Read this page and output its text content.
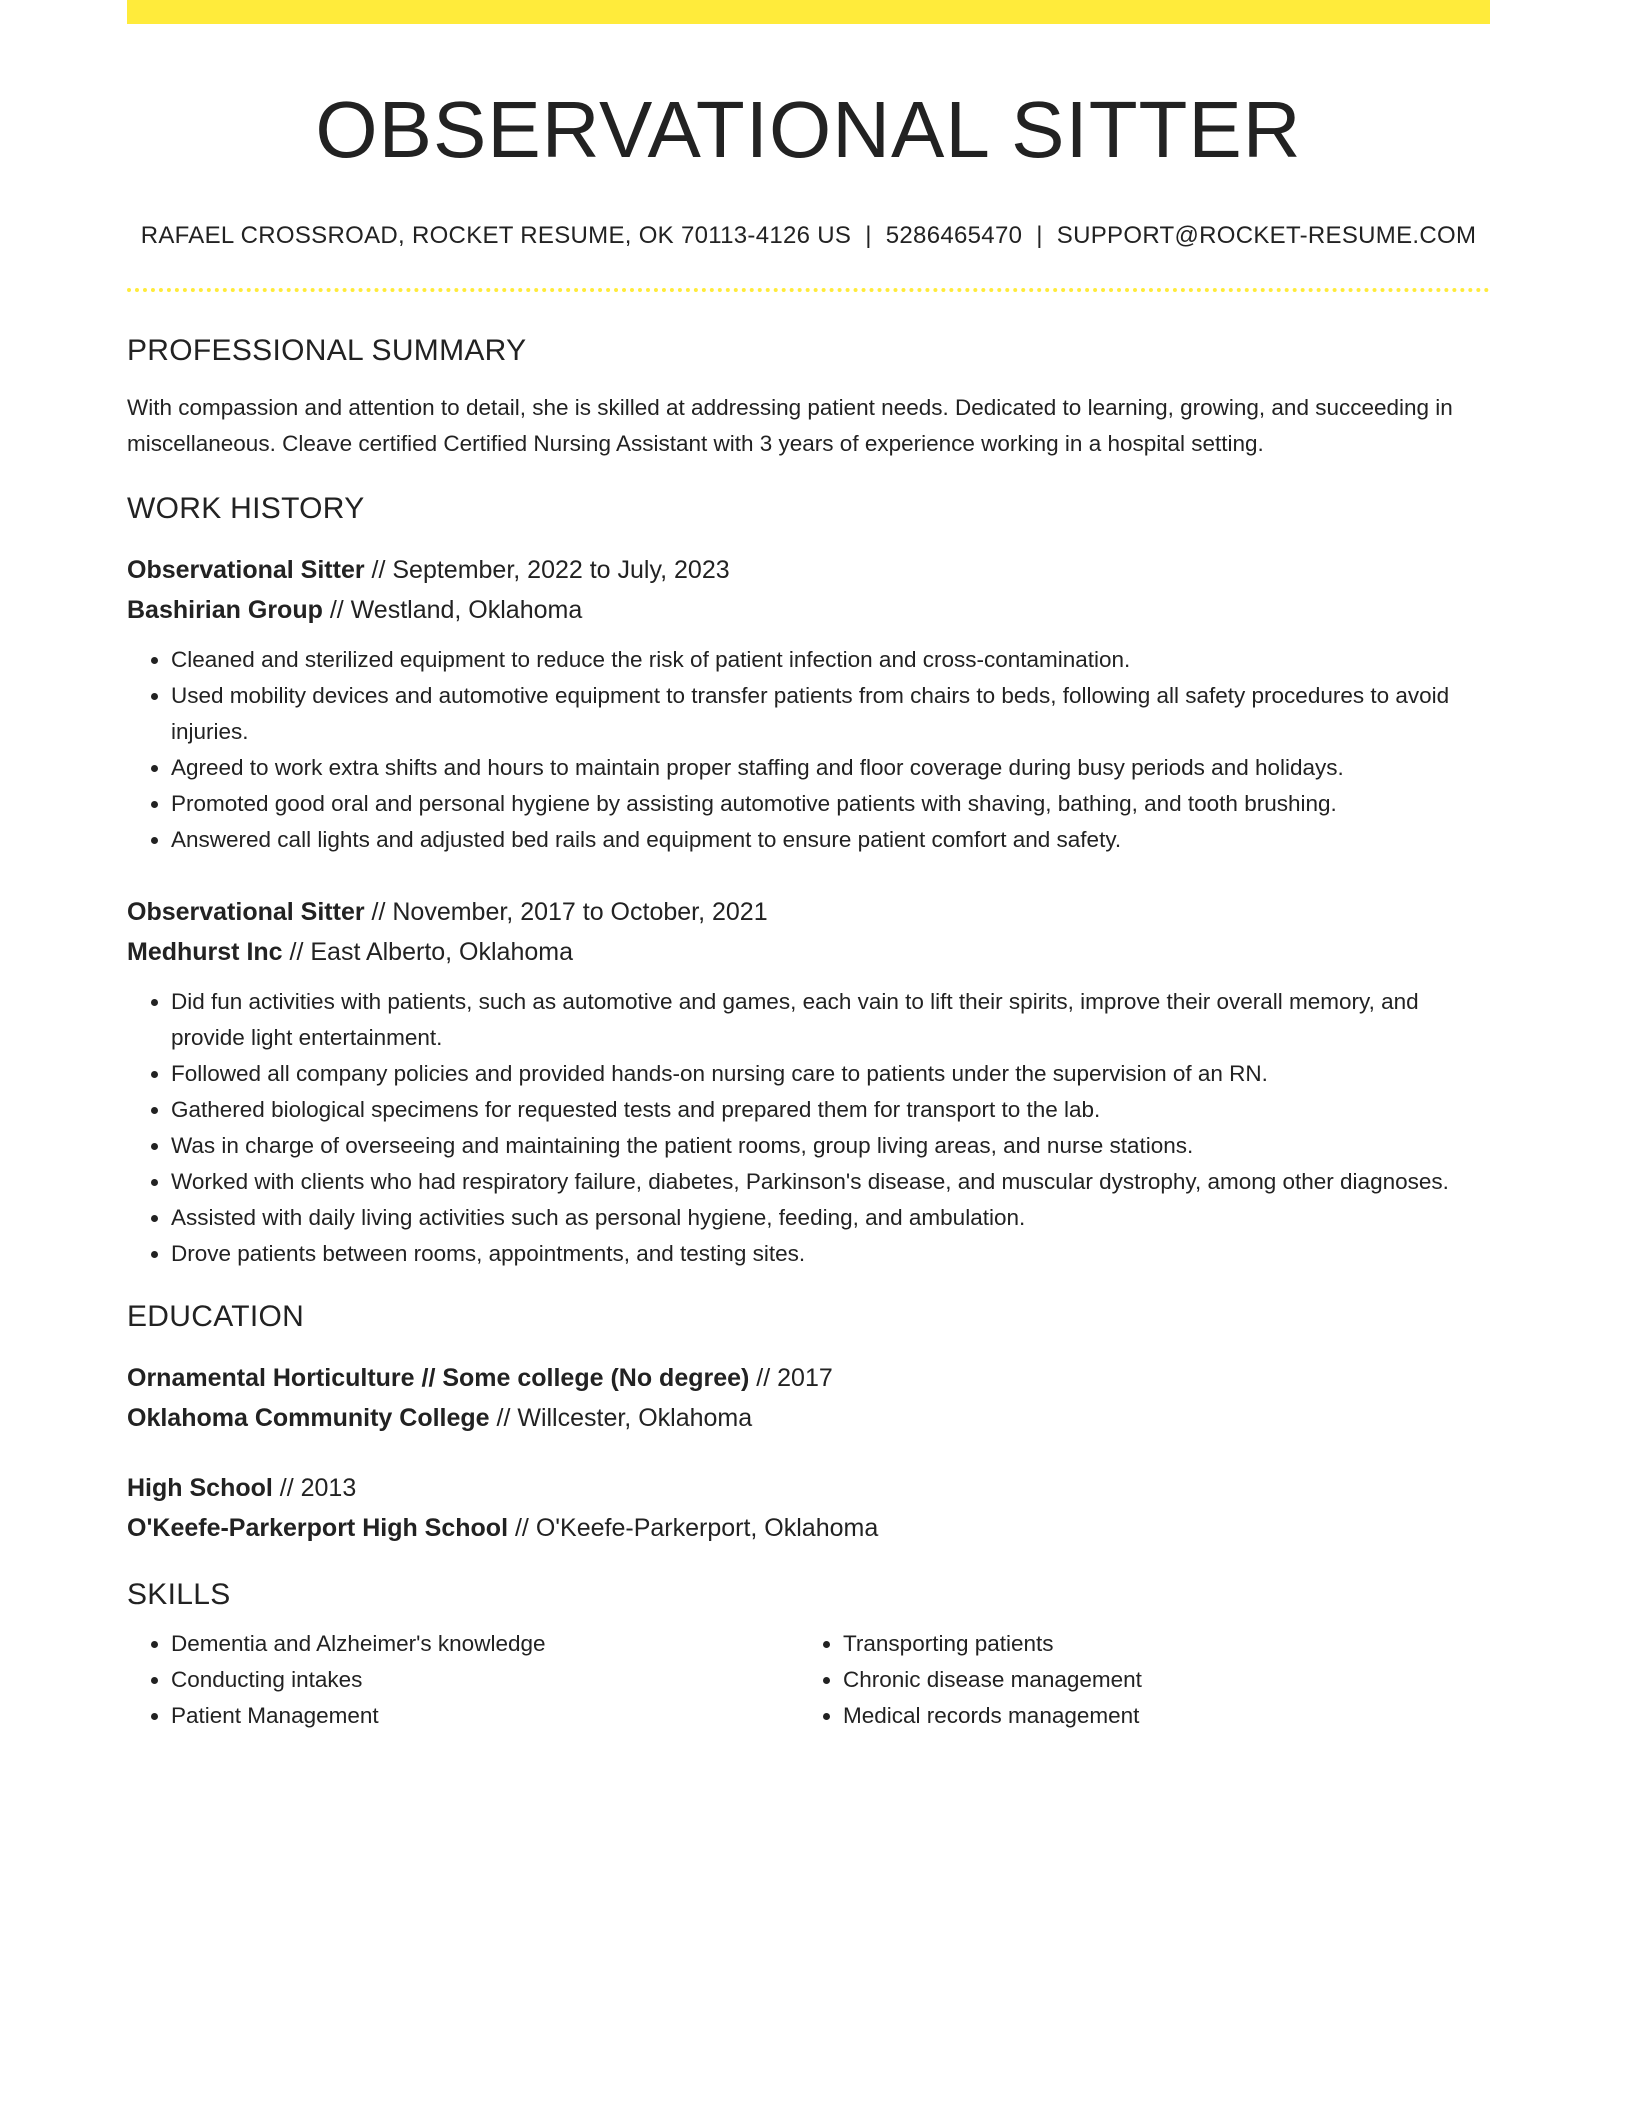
OBSERVATIONAL SITTER
RAFAEL CROSSROAD, ROCKET RESUME, OK 70113-4126 US | 5286465470 | SUPPORT@ROCKET-RESUME.COM
PROFESSIONAL SUMMARY
With compassion and attention to detail, she is skilled at addressing patient needs. Dedicated to learning, growing, and succeeding in miscellaneous. Cleave certified Certified Nursing Assistant with 3 years of experience working in a hospital setting.
WORK HISTORY
Observational Sitter // September, 2022 to July, 2023
Bashirian Group // Westland, Oklahoma
• Cleaned and sterilized equipment to reduce the risk of patient infection and cross-contamination.
• Used mobility devices and automotive equipment to transfer patients from chairs to beds, following all safety procedures to avoid injuries.
• Agreed to work extra shifts and hours to maintain proper staffing and floor coverage during busy periods and holidays.
• Promoted good oral and personal hygiene by assisting automotive patients with shaving, bathing, and tooth brushing.
• Answered call lights and adjusted bed rails and equipment to ensure patient comfort and safety.
Observational Sitter // November, 2017 to October, 2021
Medhurst Inc // East Alberto, Oklahoma
• Did fun activities with patients, such as automotive and games, each vain to lift their spirits, improve their overall memory, and provide light entertainment.
• Followed all company policies and provided hands-on nursing care to patients under the supervision of an RN.
• Gathered biological specimens for requested tests and prepared them for transport to the lab.
• Was in charge of overseeing and maintaining the patient rooms, group living areas, and nurse stations.
• Worked with clients who had respiratory failure, diabetes, Parkinson's disease, and muscular dystrophy, among other diagnoses.
• Assisted with daily living activities such as personal hygiene, feeding, and ambulation.
• Drove patients between rooms, appointments, and testing sites.
EDUCATION
Ornamental Horticulture // Some college (No degree) // 2017
Oklahoma Community College // Willcester, Oklahoma
High School // 2013
O'Keefe-Parkerport High School // O'Keefe-Parkerport, Oklahoma
SKILLS
• Dementia and Alzheimer's knowledge
• Conducting intakes
• Patient Management
• Transporting patients
• Chronic disease management
• Medical records management
